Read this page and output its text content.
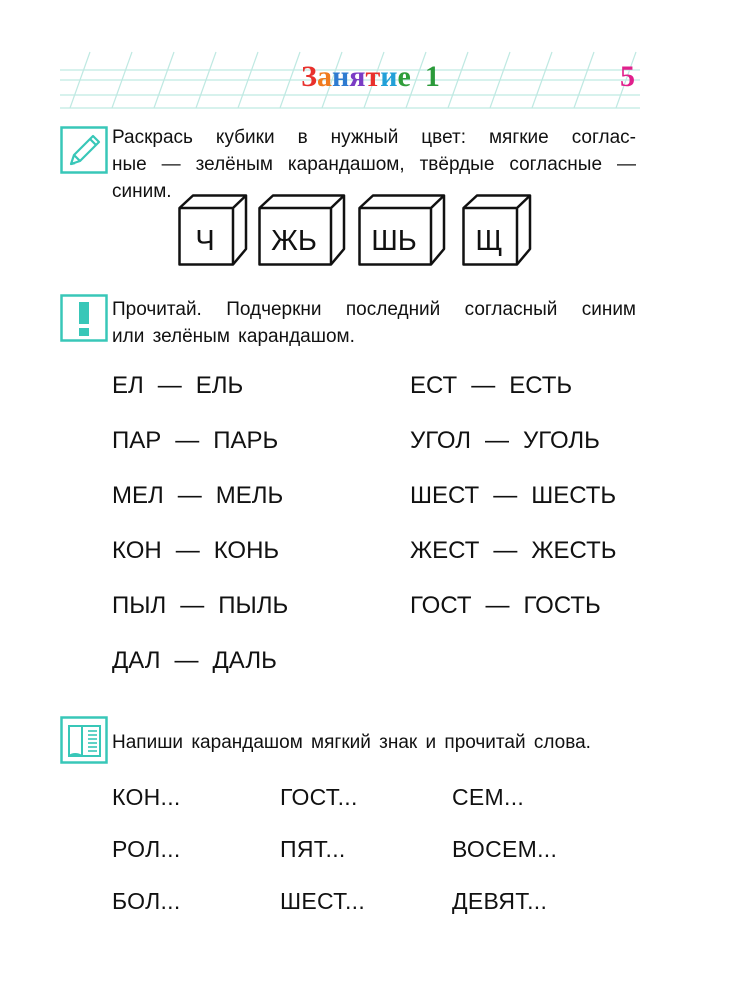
Занятие 1	5
Раскрась кубики в нужный цвет: мягкие соглас-
ные — зелёным карандашом, твёрдые согласные —
синим.
Ч	ЖЬ	ШЬ	Щ
Прочитай. Подчеркни последний согласный синим
или зелёным карандашом.
ЕЛ — ЕЛЬ
ПАР — ПАРЬ
МЕЛ — МЕЛЬ
КОН — КОНЬ
ПЫЛ — ПЫЛЬ
ДАЛ — ДАЛЬ
ЕСТ — ЕСТЬ
УГОЛ — УГОЛЬ
ШЕСТ — ШЕСТЬ
ЖЕСТ — ЖЕСТЬ
ГОСТ — ГОСТЬ
Напиши карандашом мягкий знак и прочитай слова.
КОН...	ГОСТ...	СЕМ...
РОЛ...	ПЯТ...	ВОСЕМ...
БОЛ...	ШЕСТ...	ДЕВЯТ...
